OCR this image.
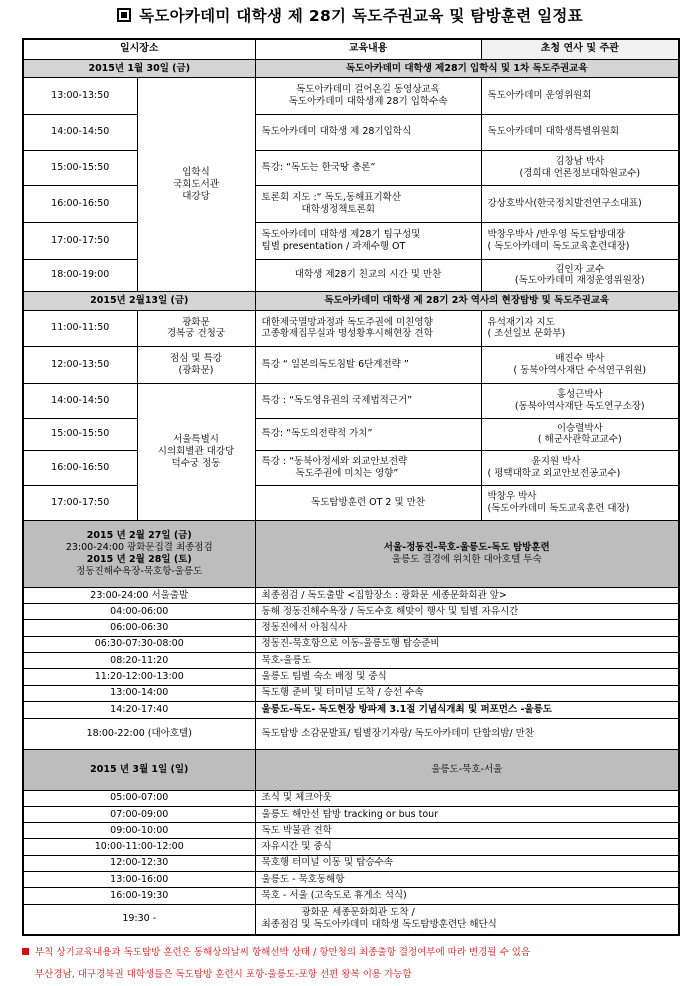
독도아카데미 대학생 제 28기 독도주권교육 및 탐방훈련 일정표
일시장소		교육내용	초청 연사 및 주관
2015년 1월 30일 (금)		독도아카데미 대학생 제28기 입학식 및 1차 독도주권교육	
13:00-13:50	입학식
국회도서관
대강당	독도아카데미 걸어온길 동영상교육
독도아카데미 대학생제 28기 입학수속	독도아카데미 운영위원회

14:00-14:50		독도아카데미 대학생 제 28기입학식	독도아카데미 대학생특별위원회

15:00-15:50		특강: “독도는 한국땅 총론”	김창남 박사
(경희대 언론정보대학원교수)

16:00-16:50		토론회 지도 :“ 독도,동해표기확산
대학생정책토론회	강상호박사(한국정치발전연구소대표)

17:00-17:50		독도아카데미 대학생 제28기 팀구성및
팀별 presentation / 과제수행 OT	박창우박사 /반우영 독도탐방대장
( 독도아카데미 독도교육훈련대장)

18:00-19:00		대학생 제28기 친교의 시간 및 만찬	김인자 교수
(독도아카데미 재정운영위원장)

2015년 2월13일 (금)		독도아카데미 대학생 제 28기 2차 역사의 현장탐방 및 독도주권교육	
11:00-11:50	광화문
경복궁 건청궁	대한제국멸망과정과 독도주권에 미친영향
고종황제집무실과 명성황후시해현장 견학	유석재기자 지도
( 조선일보 문화부)

12:00-13:50	점심 및 특강
(광화문)	특강 “ 일본의독도침탈 6단계전략 ”	배진수 박사
( 동북아역사재단 수석연구위원)

14:00-14:50	서울특별시
시의회별관 대강당
덕수궁 정동	특강 : “독도영유권의 국제법적근거”	홍성근박사
(동북아역사재단 독도연구소장)

15:00-15:50		특강: “독도의전략적 가치”	이승렬박사
( 해군사관학교교수)

16:00-16:50		특강 : “동북아정세와 외교안보전략
독도주권에 미치는 영향”	윤지원 박사
( 평택대학교 외교안보전공교수)

17:00-17:50		독도탐방훈련 OT 2 및 만찬	박창우 박사
(독도아카데미 독도교육훈련 대장)

2015 년 2월 27일 (금)
23:00-24:00 광화문집결 최종점검
2015 년 2월 28일 (토)
정동진해수욕장-묵호항-울릉도		서울-정동진-묵호-울릉도-독도 탐방훈련
울릉도 결경에 위치한 대아호텔 투숙	

23:00-24:00 서울출발		최종점검 / 독도출발 <집합장소 : 광화문 세종문화회관 앞>	
04:00-06:00		동해 정동진해수욕장 / 독도수호 해맞이 행사 및 팀별 자유시간	
06:00-06:30		정동진에서 아침식사	
06:30-07:30-08:00		정동진-묵호항으로 이동-울릉도행 탑승준비	
08:20-11:20		묵호-울릉도	
11:20-12:00-13:00		울릉도 팀별 숙소 배정 및 중식	
13:00-14:00		독도행 준비 및 터미널 도착 / 승선 수속	
14:20-17:40		울릉도-독도- 독도현장 방파제 3.1절 기념식개최 및 퍼포먼스 -울릉도	
18:00-22:00 (대아호텔)		독도탐방 소감문발표/ 팀별장기자랑/ 독도아카데미 단합의밤/ 만찬	
2015 년 3월 1일 (일)		울릉도-묵호-서울	
05:00-07:00		조식 및 체크아웃	
07:00-09:00		울릉도 해안선 탐방 tracking or bus tour	
09:00-10:00		독도 박물관 견학	
10:00-11:00-12:00		자유시간 및 중식	
12:00-12:30		묵호행 터미널 이동 및 탑승수속	
13:00-16:00		울릉도 - 묵호동해항	
16:00-19:30		묵호 - 서울 (고속도로 휴게소 석식)	
19:30 -		광화문 세종문화회관 도착 /
최종점검 및 독도아카데미 대학생 독도탐방훈련단 해단식	
부칙 상기교육내용과 독도탐방 훈련은 동해상의날씨 항해선박 상태 / 항만청의 최종출항 결정여부에 따라 변경될 수 있음
부산경남, 대구경북권 대학생들은 독도탐방 훈련시 포항-울릉도-포항 선편 왕복 이용 가능함
